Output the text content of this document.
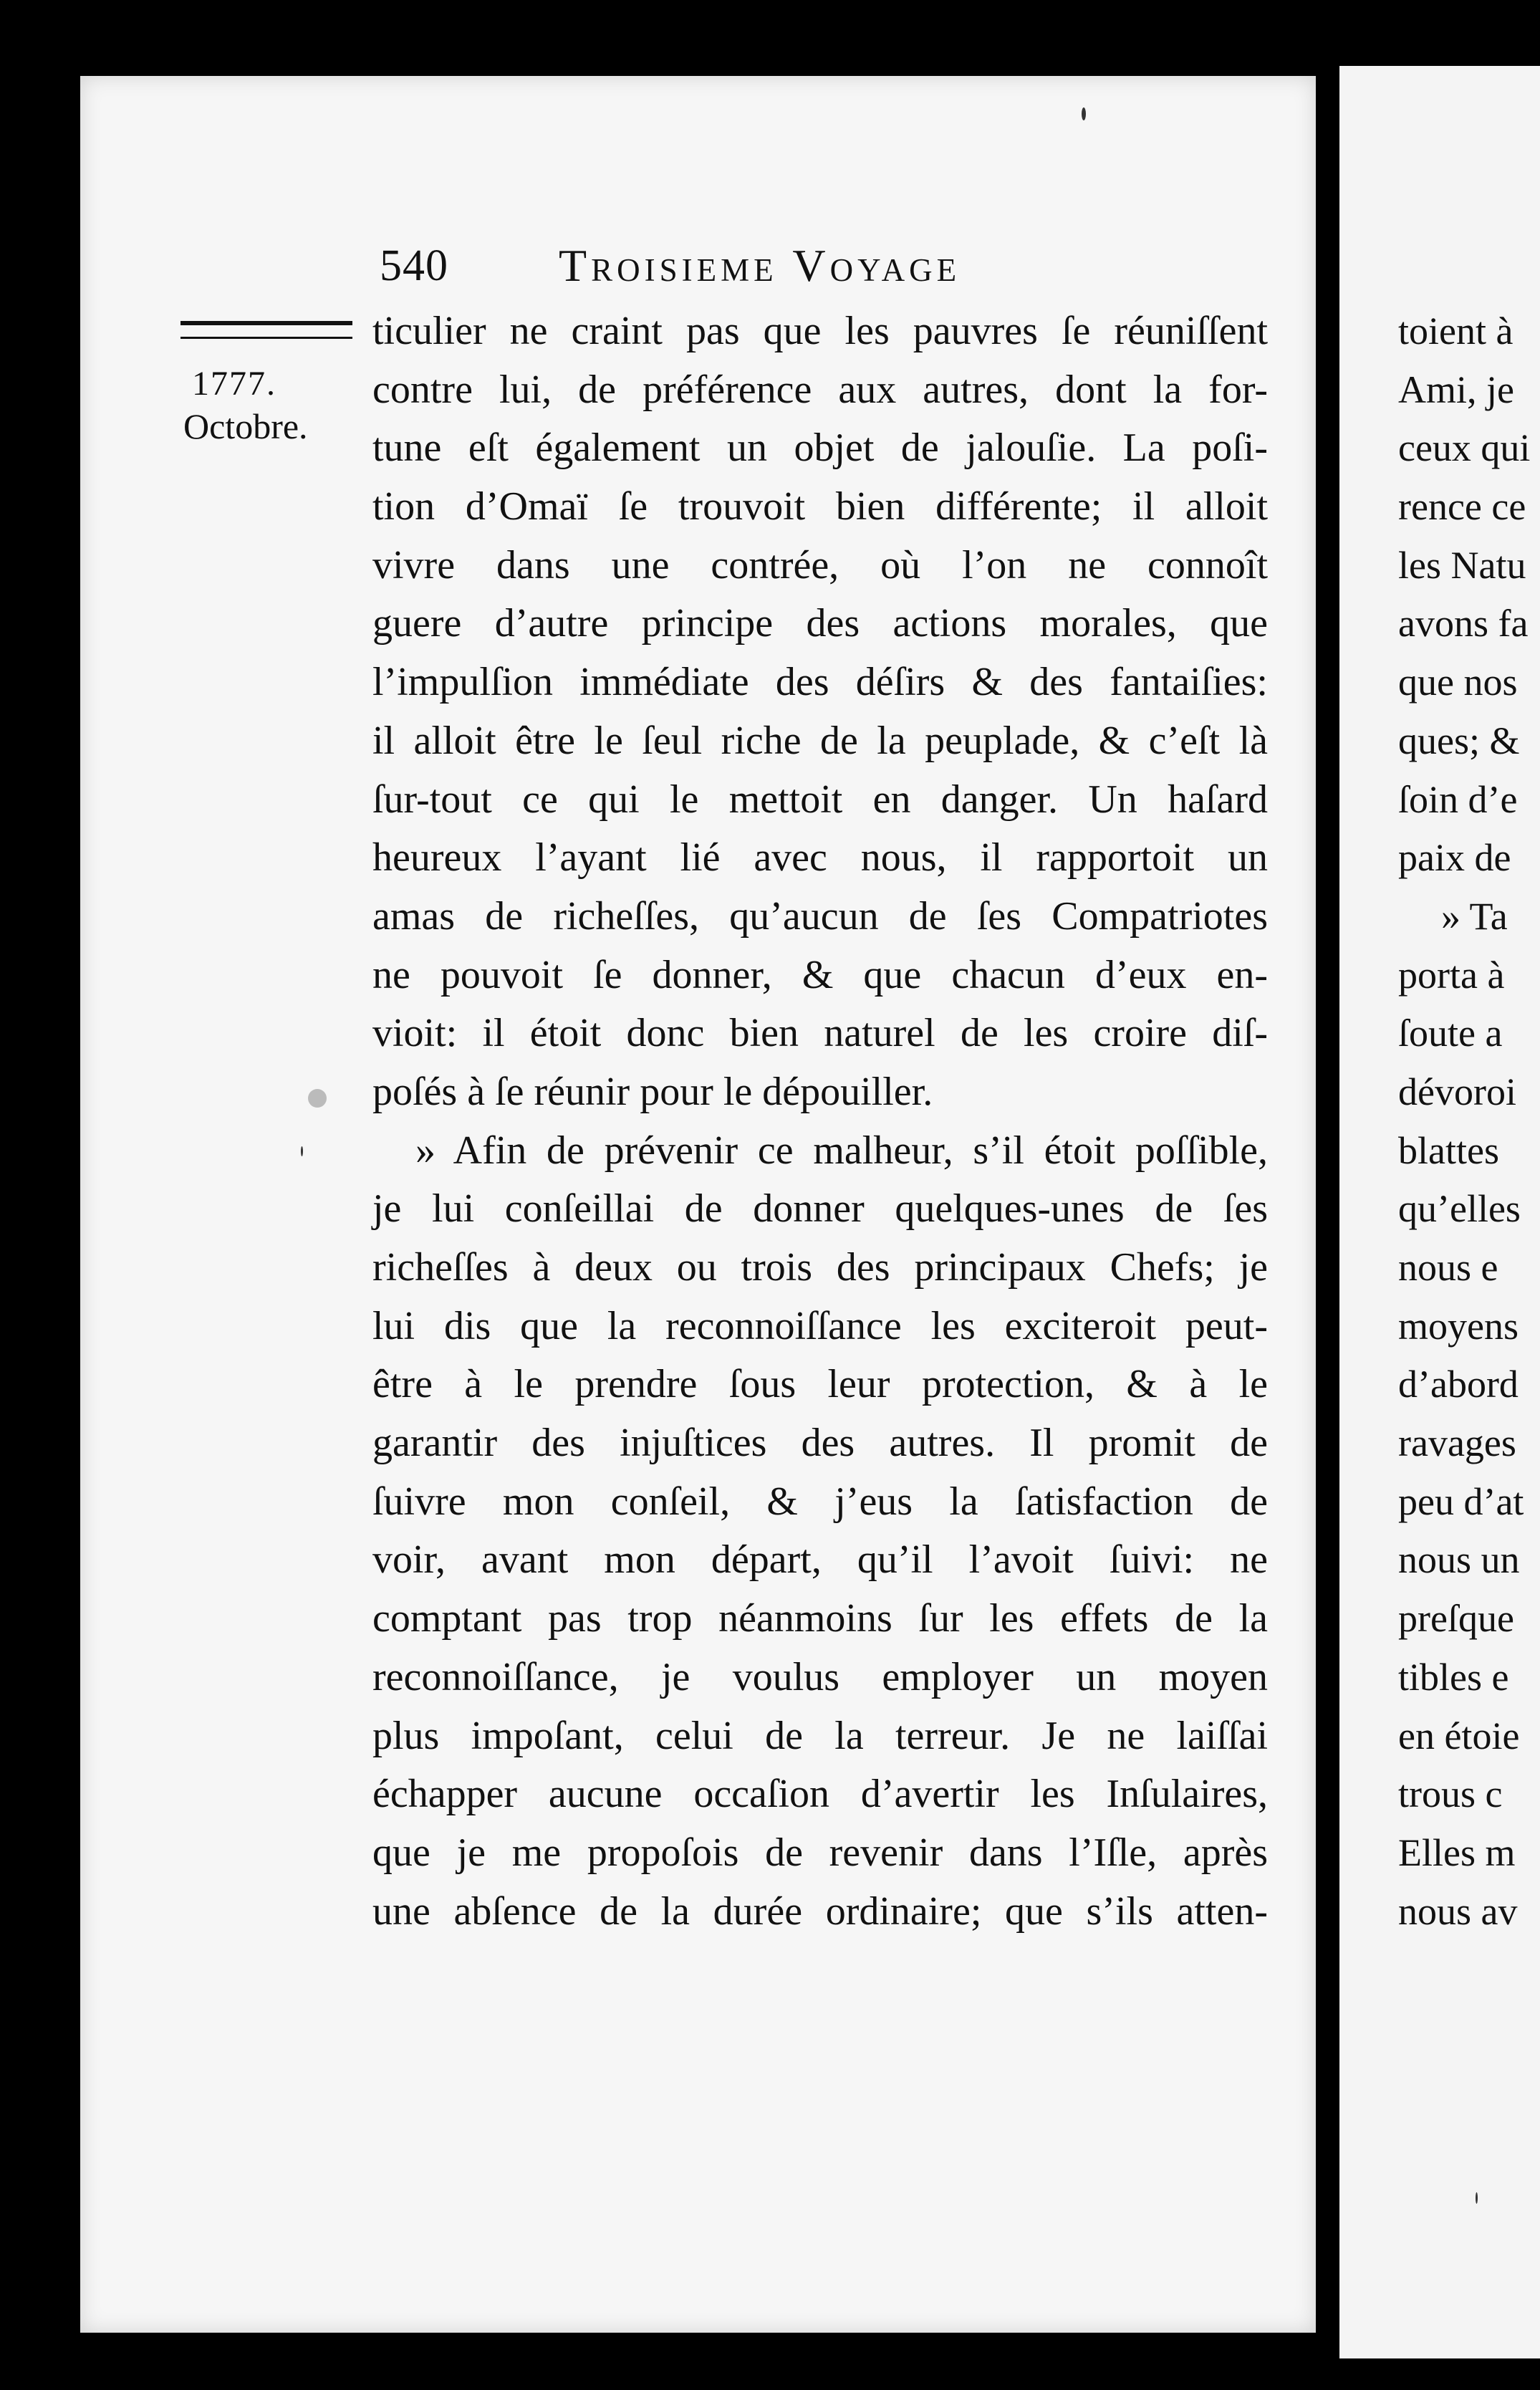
540 Troisieme Voyage
1777.
Octobre.
ticulier ne craint pas que les pauvres ſe réuniſſent
contre lui, de préférence aux autres, dont la for-
tune eſt également un objet de jalouſie. La poſi-
tion d’Omaï ſe trouvoit bien différente; il alloit
vivre dans une contrée, où l’on ne connoît
guere d’autre principe des actions morales, que
l’impulſion immédiate des déſirs & des fantaiſies:
il alloit être le ſeul riche de la peuplade, & c’eſt là
ſur-tout ce qui le mettoit en danger. Un haſard
heureux l’ayant lié avec nous, il rapportoit un
amas de richeſſes, qu’aucun de ſes Compatriotes
ne pouvoit ſe donner, & que chacun d’eux en-
vioit: il étoit donc bien naturel de les croire diſ-
poſés à ſe réunir pour le dépouiller.
» Afin de prévenir ce malheur, s’il étoit poſſible,
je lui conſeillai de donner quelques-unes de ſes
richeſſes à deux ou trois des principaux Chefs; je
lui dis que la reconnoiſſance les exciteroit peut-
être à le prendre ſous leur protection, & à le
garantir des injuſtices des autres. Il promit de
ſuivre mon conſeil, & j’eus la ſatisfaction de
voir, avant mon départ, qu’il l’avoit ſuivi: ne
comptant pas trop néanmoins ſur les effets de la
reconnoiſſance, je voulus employer un moyen
plus impoſant, celui de la terreur. Je ne laiſſai
échapper aucune occaſion d’avertir les Inſulaires,
que je me propoſois de revenir dans l’Iſle, après
une abſence de la durée ordinaire; que s’ils atten-
toient à
Ami, je
ceux qui
rence ce
les Natu
avons fa
que nos
ques; &
ſoin d’e
paix de
» Ta
porta à
ſoute a
dévoroi
blattes
qu’elles
nous e
moyens
d’abord
ravages
peu d’at
nous un
preſque
tibles e
en étoie
trous c
Elles m
nous av
